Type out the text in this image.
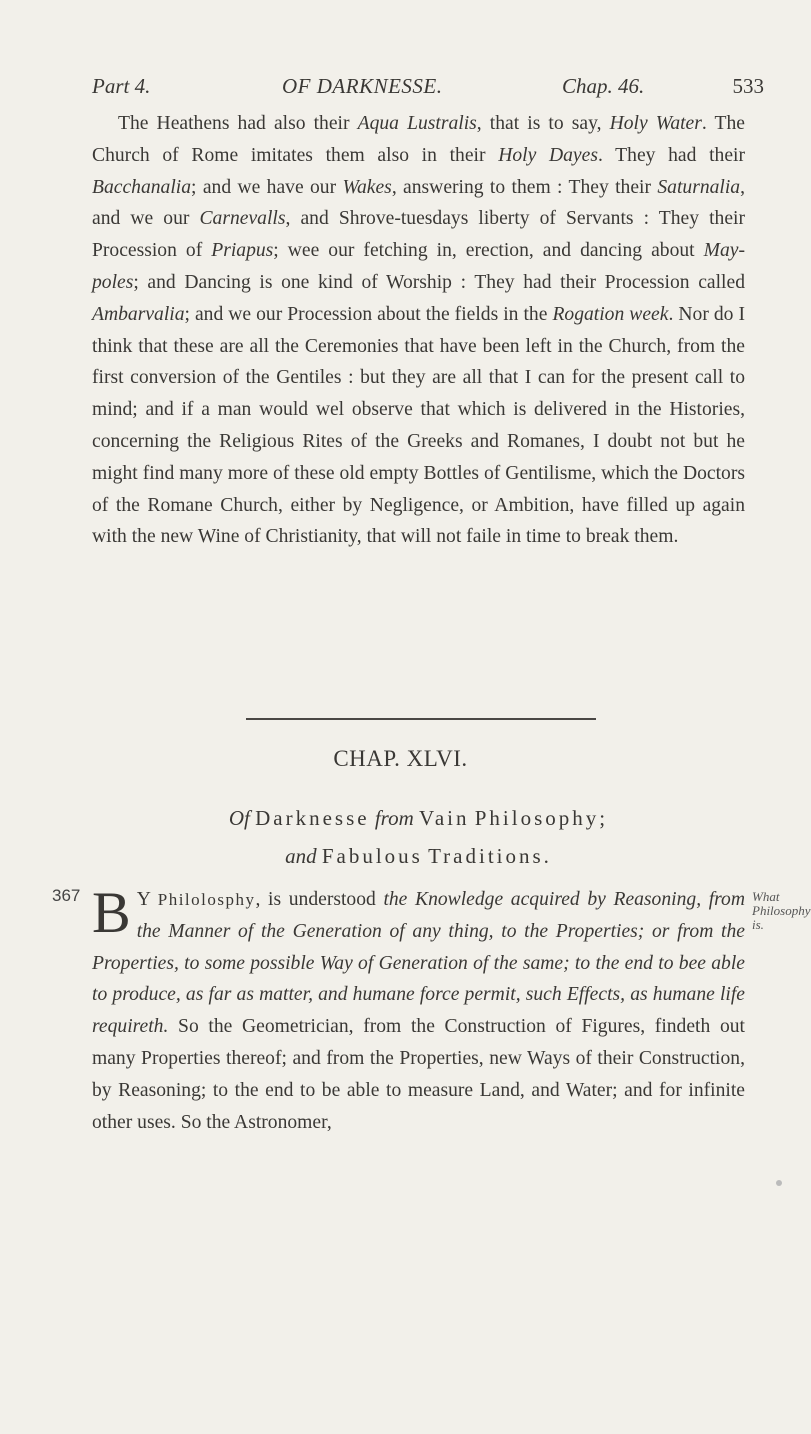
Part 4.	OF DARKNESSE.	Chap. 46.	533
The Heathens had also their Aqua Lustralis, that is to say, Holy Water. The Church of Rome imitates them also in their Holy Dayes. They had their Bacchanalia; and we have our Wakes, answering to them : They their Saturnalia, and we our Carnevalls, and Shrove-tuesdays liberty of Servants : They their Procession of Priapus; wee our fetching in, erection, and dancing about May-poles; and Dancing is one kind of Worship : They had their Procession called Ambarvalia; and we our Procession about the fields in the Rogation week. Nor do I think that these are all the Ceremonies that have been left in the Church, from the first conversion of the Gentiles : but they are all that I can for the present call to mind; and if a man would wel observe that which is delivered in the Histories, concerning the Religious Rites of the Greeks and Romanes, I doubt not but he might find many more of these old empty Bottles of Gentilisme, which the Doctors of the Romane Church, either by Negligence, or Ambition, have filled up again with the new Wine of Christianity, that will not faile in time to break them.
CHAP. XLVI.
Of Darknesse from Vain Philosophy;
and Fabulous Traditions.
367	What Philosophy is.
B Y Philolosphy, is understood the Knowledge acquired by Reasoning, from the Manner of the Generation of any thing, to the Properties; or from the Properties, to some possible Way of Generation of the same; to the end to bee able to produce, as far as matter, and humane force permit, such Effects, as humane life requireth. So the Geometrician, from the Construction of Figures, findeth out many Properties thereof; and from the Properties, new Ways of their Construction, by Reasoning; to the end to be able to measure Land, and Water; and for infinite other uses. So the Astronomer,
